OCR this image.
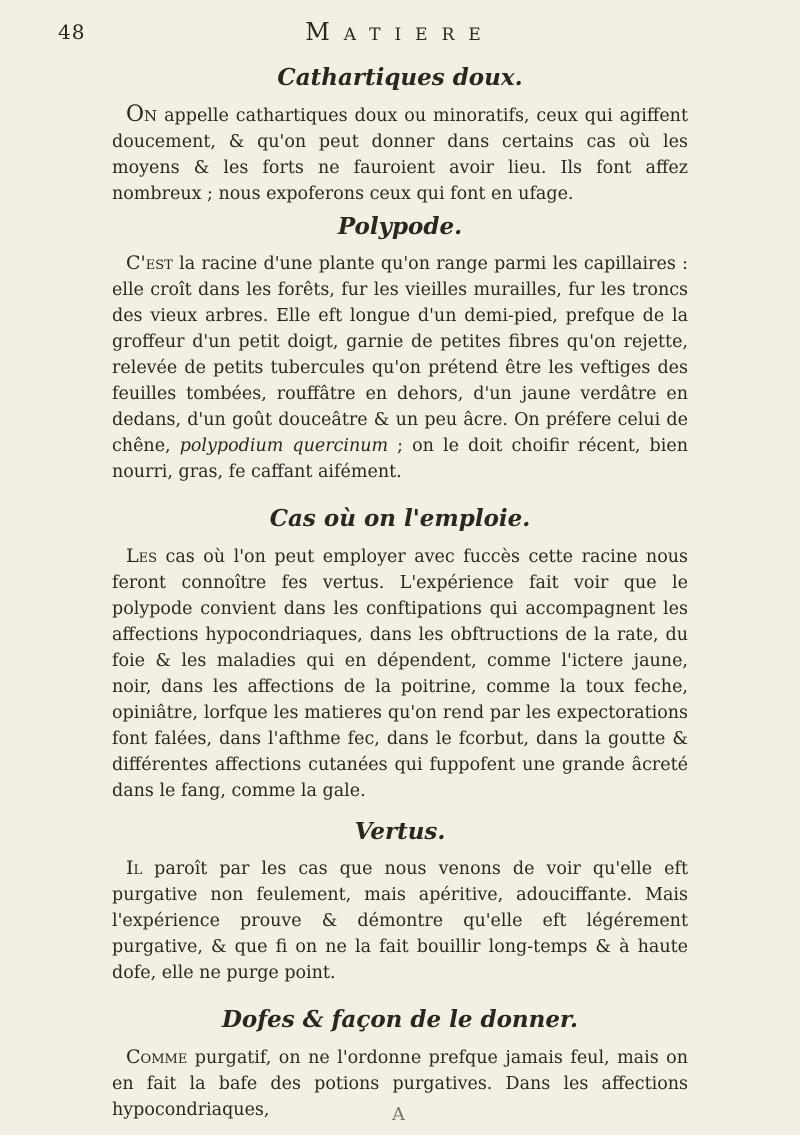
48	Matiere
Cathartiques doux.

On appelle cathartiques doux ou minoratifs, ceux qui agiffent doucement, & qu'on peut donner dans certains cas où les moyens & les forts ne fauroient avoir lieu. Ils font affez nombreux ; nous expoferons ceux qui font en ufage.

Polypode.

C'est la racine d'une plante qu'on range parmi les capillaires : elle croît dans les forêts, fur les vieilles murailles, fur les troncs des vieux arbres. Elle eft longue d'un demi-pied, prefque de la groffeur d'un petit doigt, garnie de petites fibres qu'on rejette, relevée de petits tubercules qu'on prétend être les veftiges des feuilles tombées, rouffâtre en dehors, d'un jaune verdâtre en dedans, d'un goût douceâtre & un peu âcre. On préfere celui de chêne, polypodium quercinum ; on le doit choifir récent, bien nourri, gras, fe caffant aifément.

Cas où on l'emploie.

Les cas où l'on peut employer avec fuccès cette racine nous feront connoître fes vertus. L'expérience fait voir que le polypode convient dans les conftipations qui accompagnent les affections hypocondriaques, dans les obftructions de la rate, du foie & les maladies qui en dépendent, comme l'ictere jaune, noir, dans les affections de la poitrine, comme la toux feche, opiniâtre, lorfque les matieres qu'on rend par les expectorations font falées, dans l'afthme fec, dans le fcorbut, dans la goutte & différentes affections cutanées qui fuppofent une grande âcreté dans le fang, comme la gale.

Vertus.

Il paroît par les cas que nous venons de voir qu'elle eft purgative non feulement, mais apéritive, adouciffante. Mais l'expérience prouve & démontre qu'elle eft légérement purgative, & que fi on ne la fait bouillir long-temps & à haute dofe, elle ne purge point.

Dofes & façon de le donner.

Comme purgatif, on ne l'ordonne prefque jamais feul, mais on en fait la bafe des potions purgatives. Dans les affections hypocondriaques,	A
